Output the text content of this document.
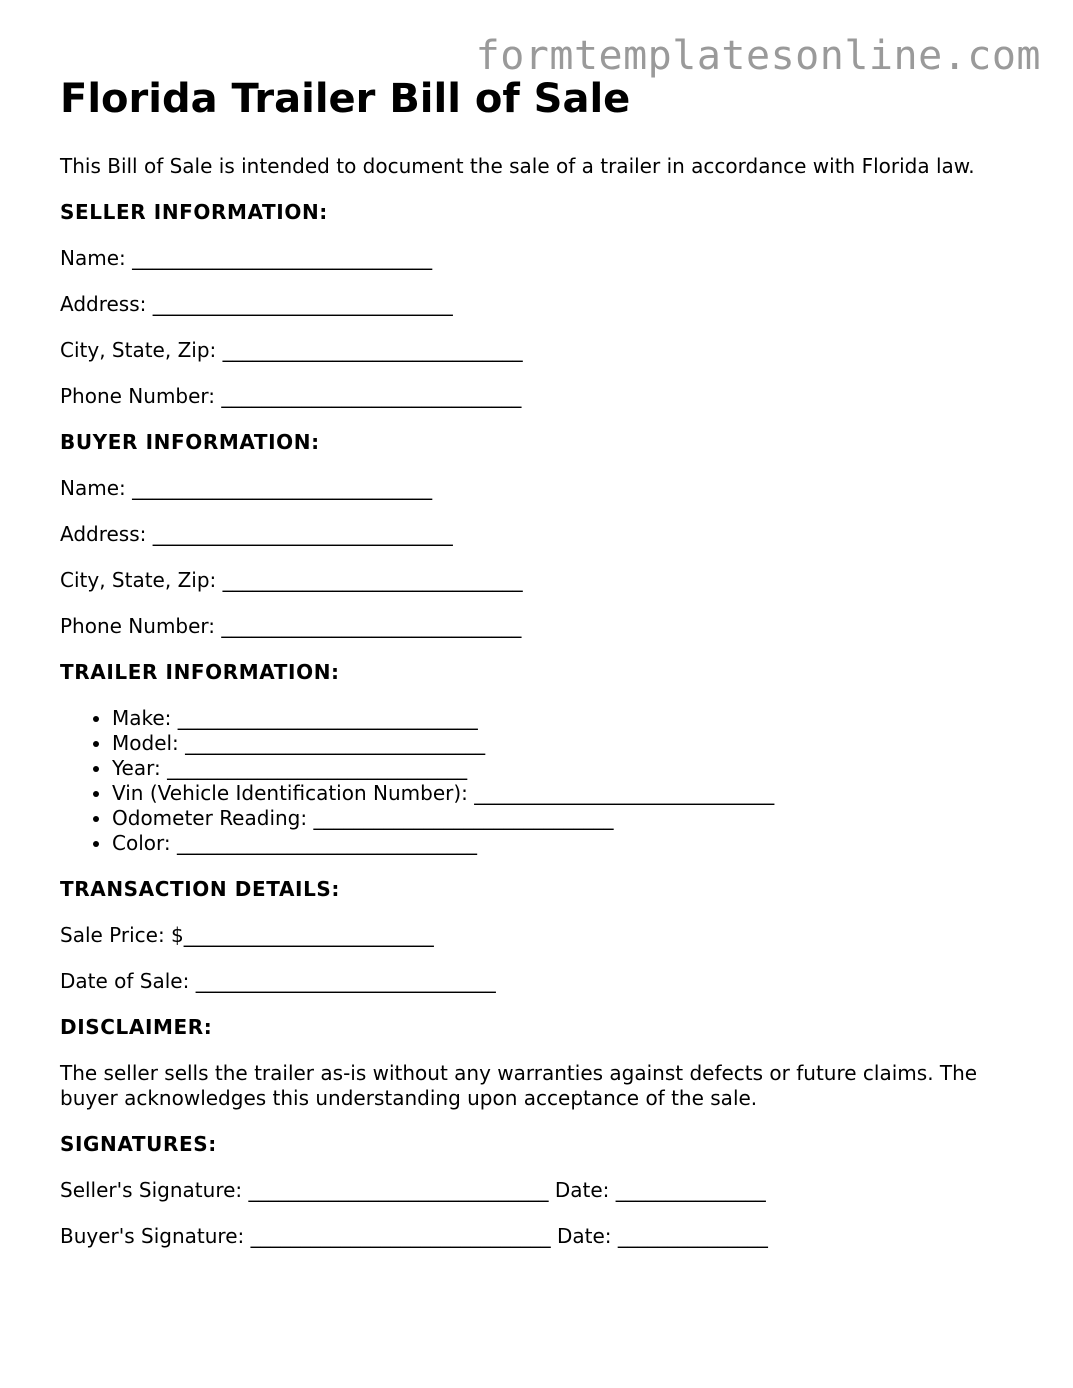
formtemplatesonline.com
Florida Trailer Bill of Sale

This Bill of Sale is intended to document the sale of a trailer in accordance with Florida law.

SELLER INFORMATION:

Name: ______________________________

Address: ______________________________

City, State, Zip: ______________________________

Phone Number: ______________________________

BUYER INFORMATION:

Name: ______________________________

Address: ______________________________

City, State, Zip: ______________________________

Phone Number: ______________________________

TRAILER INFORMATION:

• Make: ______________________________
• Model: ______________________________
• Year: ______________________________
• Vin (Vehicle Identification Number): ______________________________
• Odometer Reading: ______________________________
• Color: ______________________________

TRANSACTION DETAILS:

Sale Price: $_________________________

Date of Sale: ______________________________

DISCLAIMER:

The seller sells the trailer as-is without any warranties against defects or future claims. The buyer acknowledges this understanding upon acceptance of the sale.

SIGNATURES:

Seller's Signature: ______________________________ Date: _______________

Buyer's Signature: ______________________________ Date: _______________
